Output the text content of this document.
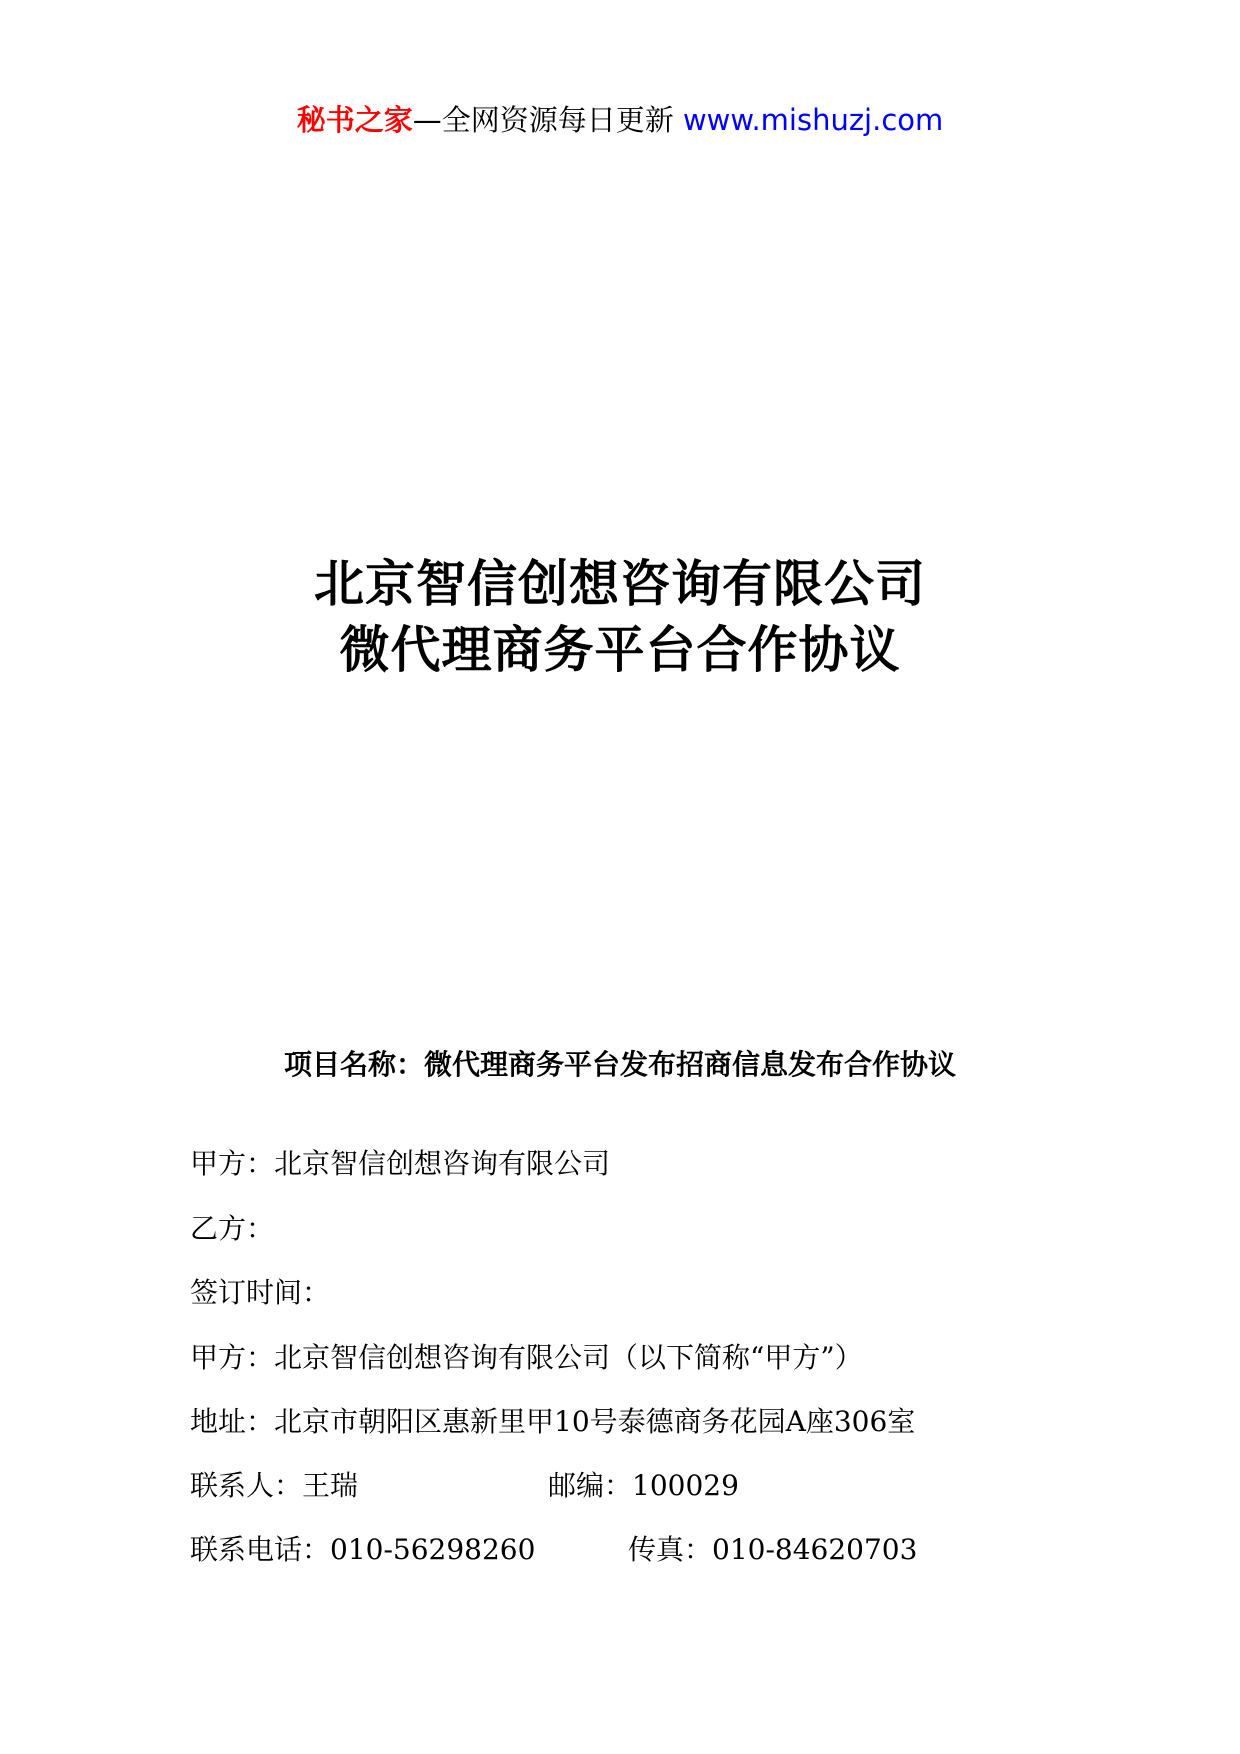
秘书之家—全网资源每日更新 www.mishuzj.com
北京智信创想咨询有限公司
微代理商务平台合作协议
项目名称：微代理商务平台发布招商信息发布合作协议
甲方：北京智信创想咨询有限公司
乙方：
签订时间：
甲方：北京智信创想咨询有限公司（以下简称“甲方”）
地址：北京市朝阳区惠新里甲10号泰德商务花园A座306室
联系人：王瑞	邮编：100029
联系电话：010-56298260	传真：010-84620703
